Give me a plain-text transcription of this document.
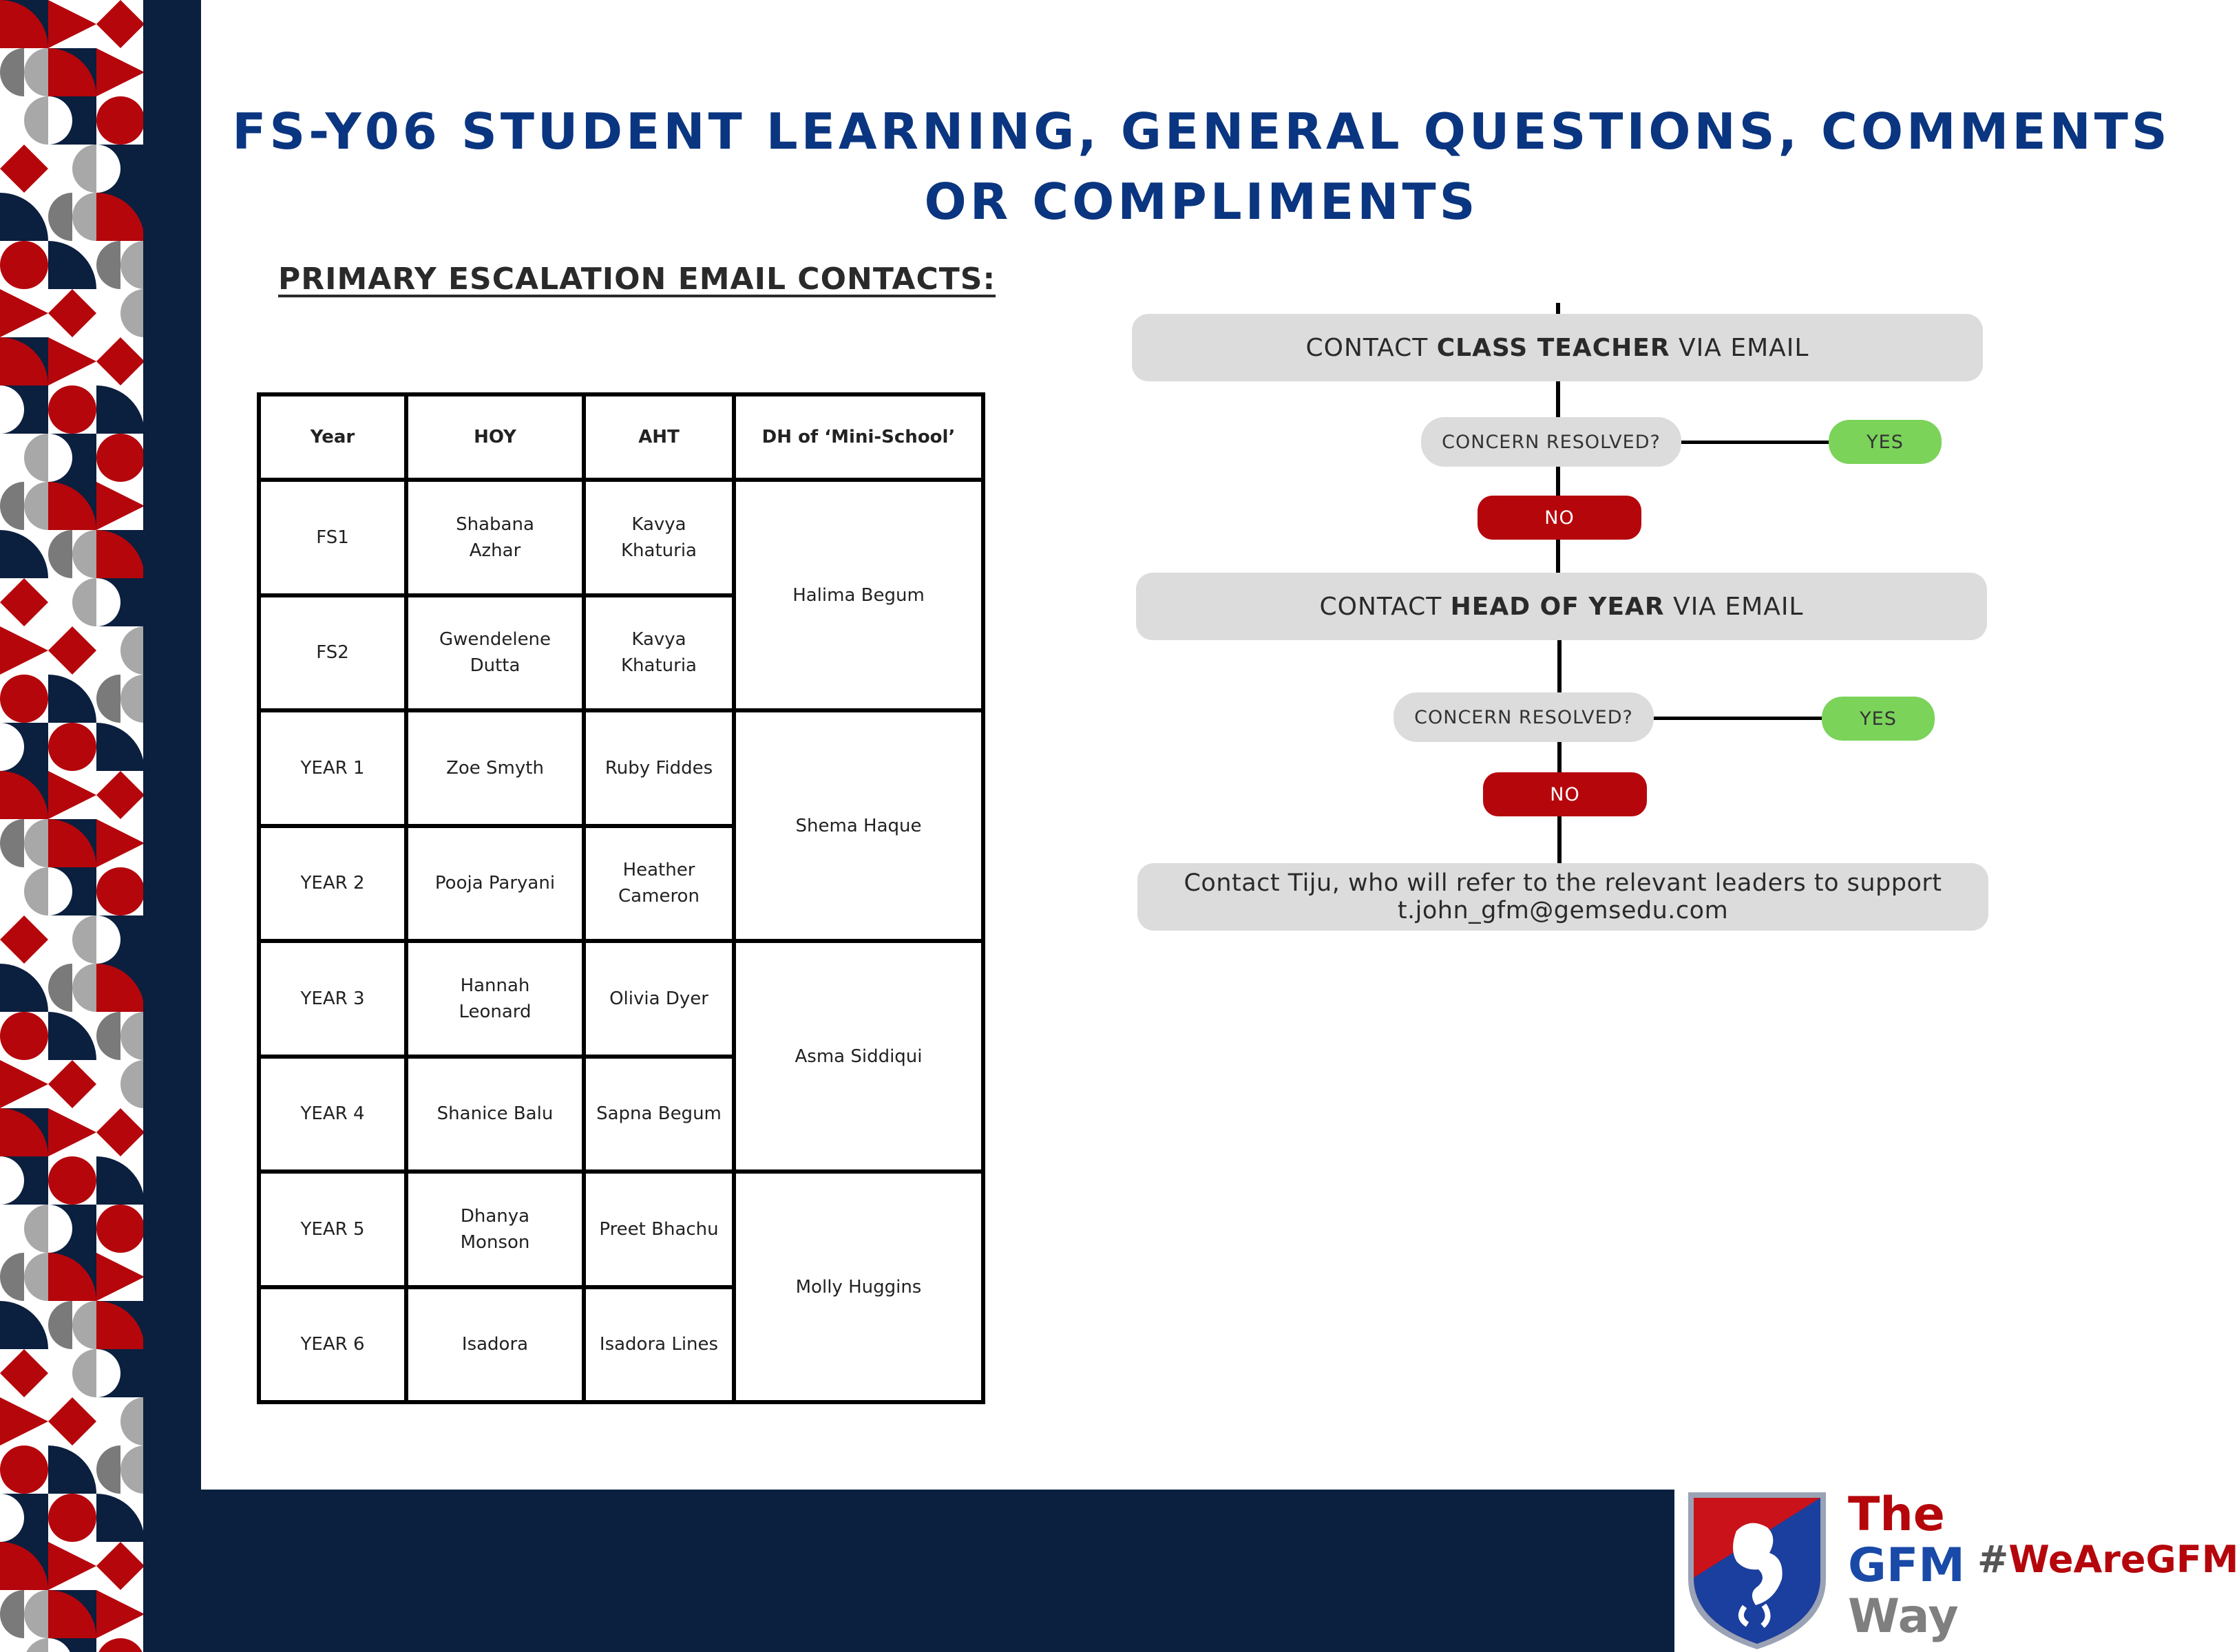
FS-Y06 STUDENT LEARNING, GENERAL QUESTIONS, COMMENTS OR COMPLIMENTS
PRIMARY ESCALATION EMAIL CONTACTS:
Year	HOY	AHT	DH of ‘Mini-School’
FS1	Shabana Azhar	Kavya Khaturia	Halima Begum
FS2	Gwendelene Dutta	Kavya Khaturia	
YEAR 1	Zoe Smyth	Ruby Fiddes	Shema Haque
YEAR 2	Pooja Paryani	Heather Cameron	
YEAR 3	Hannah Leonard	Olivia Dyer	Asma Siddiqui
YEAR 4	Shanice Balu	Sapna Begum	
YEAR 5	Dhanya Monson	Preet Bhachu	Molly Huggins
YEAR 6	Isadora	Isadora Lines	
CONTACT CLASS TEACHER VIA EMAIL
CONCERN RESOLVED?	YES
NO
CONTACT HEAD OF YEAR VIA EMAIL
CONCERN RESOLVED?	YES
NO
Contact Tiju, who will refer to the relevant leaders to support
t.john_gfm@gemsedu.com
The
GFM
Way
#WeAreGFM
